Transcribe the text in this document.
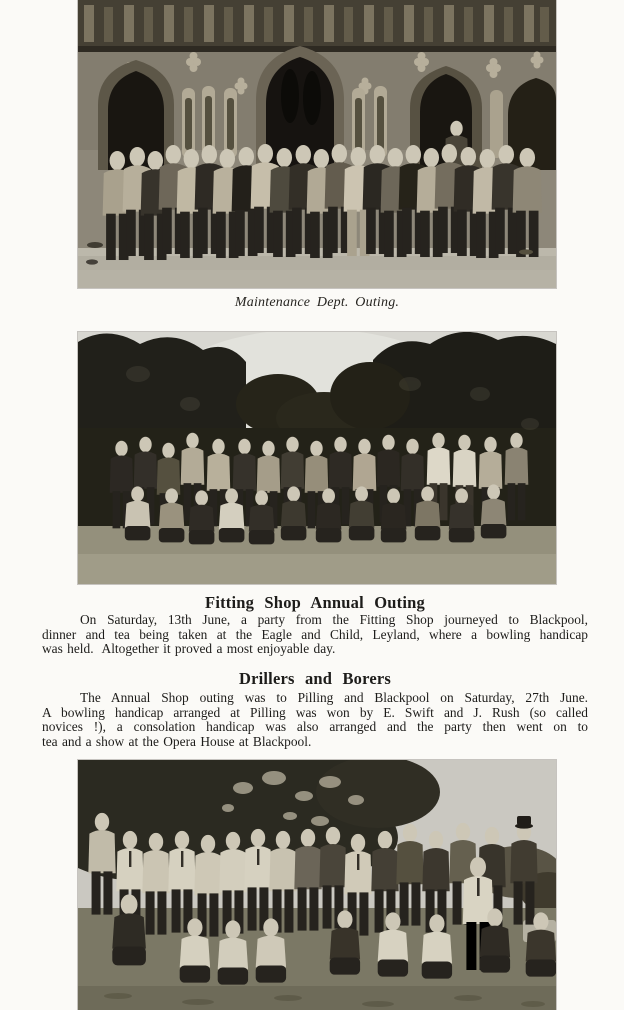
Maintenance Dept. Outing.
Fitting Shop Annual Outing
On Saturday, 13th June, a party from the Fitting Shop journeyed to Blackpool,
dinner and tea being taken at the Eagle and Child, Leyland, where a bowling handicap
was held.  Altogether it proved a most enjoyable day.
Drillers and Borers
The Annual Shop outing was to Pilling and Blackpool on Saturday, 27th June.
A bowling handicap arranged at Pilling was won by E. Swift and J. Rush (so called
novices !), a consolation handicap was also arranged and the party then went on to
tea and a show at the Opera House at Blackpool.
